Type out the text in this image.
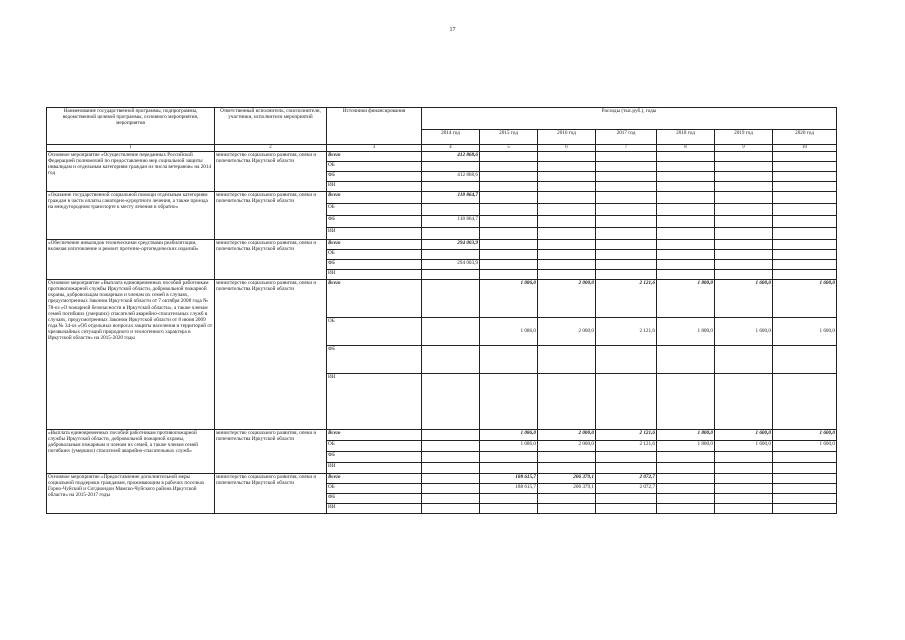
17
Наименование государственной программы, подпрограммы, ведомственной целевой программы, основного мероприятия, мероприятия	Ответственный исполнитель, соисполнители, участники, исполнители мероприятий	Источники финансирования	Расходы (тыс.руб.), годы						
			2014 год	2015 год	2016 год	2017 год	2018 год	2019 год	2020 год
1	2	3	4	5	6	7	8	9	10
Основное мероприятие «Осуществление переданных Российской Федерацией полномочий по предоставлению мер социальной защиты инвалидам и отдельным категориям граждан из числа ветеранов» на 2014 год	министерство социального развития, опеки и попечительства Иркутской области	Всего	412 868,6						
		ОБ							
		ФБ	412 868,6						
		ИИ							
«Оказание государственной социальной помощи отдельным категориям граждан в части оплаты санаторно-курортного лечения, а также проезда на междугородном транспорте к месту лечения и обратно»	министерство социального развития, опеки и попечительства Иркутской области	Всего	118 864,7						
		ОБ							
		ФБ	118 864,7						
		ИИ							
«Обеспечение инвалидов техническими средствами реабилитации, включая изготовление и ремонт протезно-ортопедических изделий»	министерство социального развития, опеки и попечительства Иркутской области	Всего	294 003,9						
		ОБ							
		ФБ	294 003,9						
		ИИ							
Основное мероприятие «Выплата единовременных пособий работникам противопожарной службы Иркутской области, добровольной пожарной охраны, добровольцам пожарным и членам их семей в случаях, предусмотренных Законом Иркутской области от 7 октября 2008 года № 78-оз «О пожарной безопасности в Иркутской области», а также членам семей погибших (умерших) спасателей аварийно-спасательных служб в случаях, предусмотренных Законом Иркутской области от 8 июня 2009 года № 34-оз «Об отдельных вопросах защиты населения и территорий от чрезвычайных ситуаций природного и техногенного характера в Иркутской области» на 2015-2020 годы	министерство социального развития, опеки и попечительства Иркутской области	Всего		1 086,0	2 000,0	2 121,6	1 800,0	1 600,0	1 600,0
		ОБ		1 086,0	2 000,0	2 121,6	1 800,0	1 600,0	1 600,0
		ФБ							
		ИИ							
«Выплата единовременных пособий работникам противопожарной службы Иркутской области, добровольной пожарной охраны, добровольным пожарным и членам их семей, а также членам семей погибших (умерших) спасателей аварийно-спасательных служб»	министерство социального развития, опеки и попечительства Иркутской области	Всего		1 086,0	2 000,0	2 121,6	1 800,0	1 600,0	1 600,0
		ОБ		1 086,0	2 000,0	2 121,6	1 800,0	1 600,0	1 600,0
		ФБ							
		ИИ							
Основное мероприятие «Предоставление дополнительной меры социальной поддержки гражданам, проживающим в рабочих поселках Горно-Чуйский и Согдиондон Мамско-Чуйского района Иркутской области» на 2015-2017 годы	министерство социального развития, опеки и попечительства Иркутской области	Всего		188 615,7	206 379,1	2 072,7			
		ОБ		188 615,7	206 379,1	2 072,7			
		ФБ							
		ИИ							
